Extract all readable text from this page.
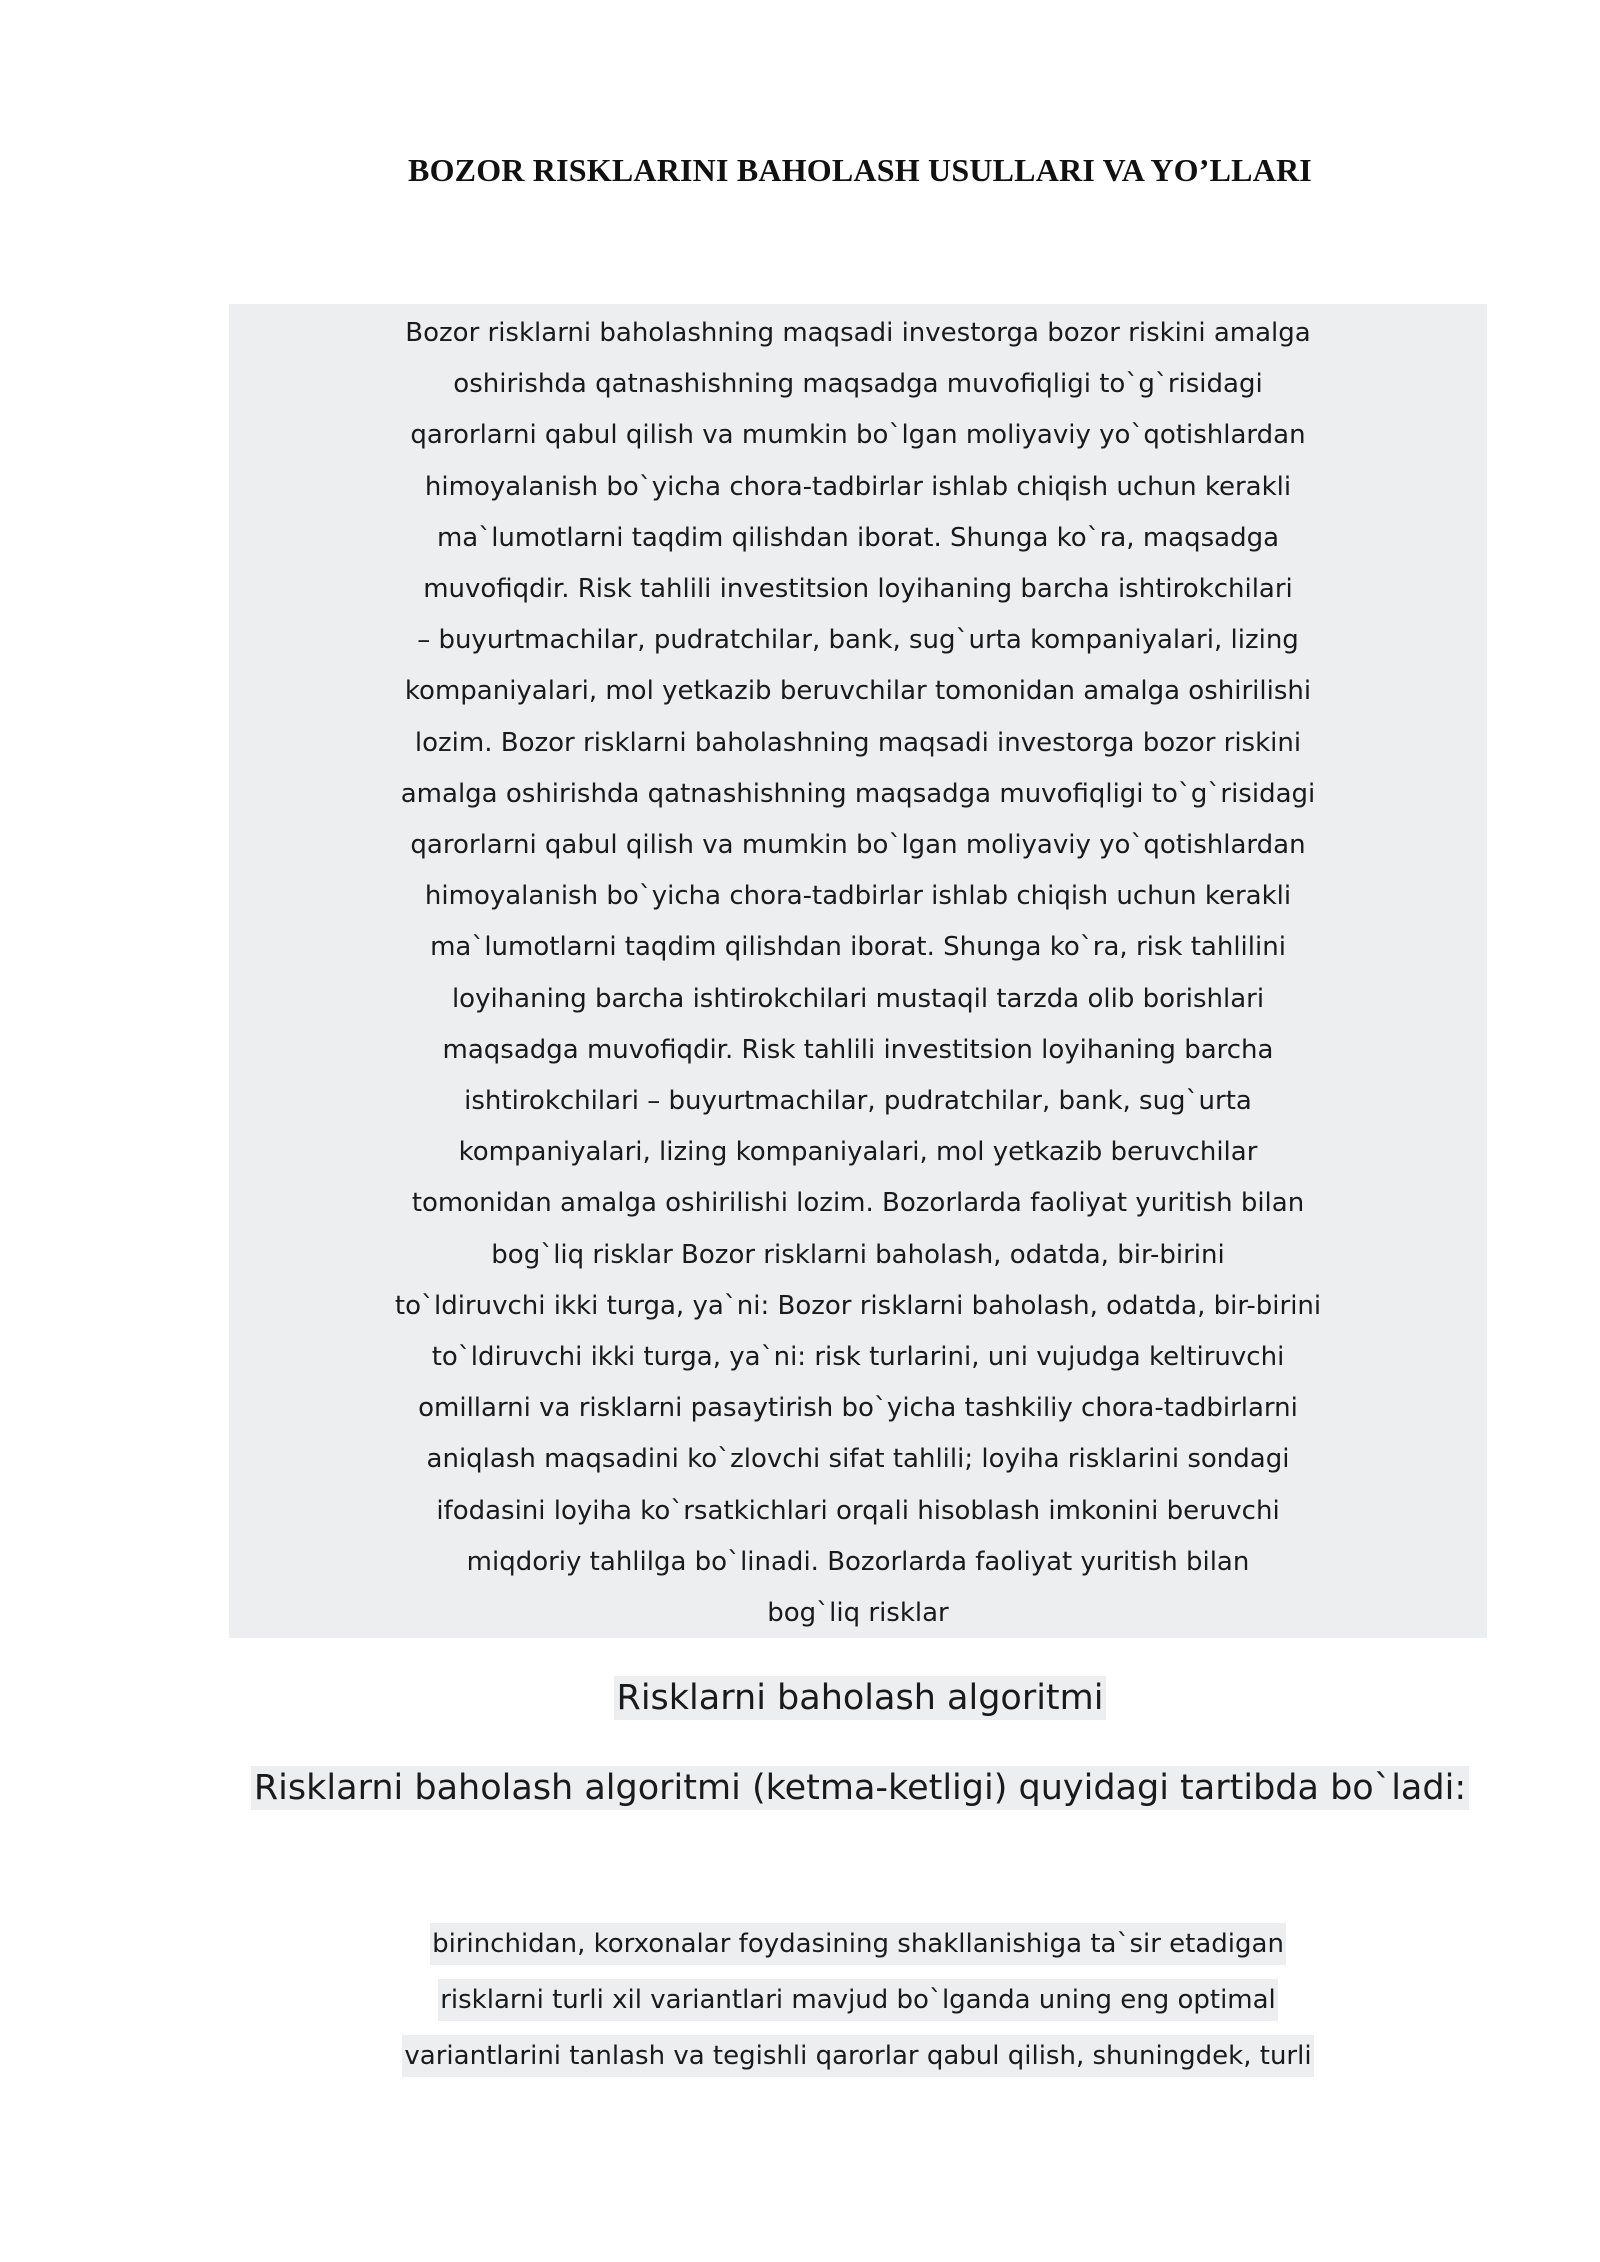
BOZOR RISKLARINI BAHOLASH USULLARI VA YO’LLARI

Bozor risklarni baholashning maqsadi investorga bozor riskini amalga
oshirishda qatnashishning maqsadga muvofiqligi to`g`risidagi
qarorlarni qabul qilish va mumkin bo`lgan moliyaviy yo`qotishlardan
himoyalanish bo`yicha chora-tadbirlar ishlab chiqish uchun kerakli
ma`lumotlarni taqdim qilishdan iborat. Shunga ko`ra, maqsadga
muvofiqdir. Risk tahlili investitsion loyihaning barcha ishtirokchilari
– buyurtmachilar, pudratchilar, bank, sug`urta kompaniyalari, lizing
kompaniyalari, mol yetkazib beruvchilar tomonidan amalga oshirilishi
lozim. Bozor risklarni baholashning maqsadi investorga bozor riskini
amalga oshirishda qatnashishning maqsadga muvofiqligi to`g`risidagi
qarorlarni qabul qilish va mumkin bo`lgan moliyaviy yo`qotishlardan
himoyalanish bo`yicha chora-tadbirlar ishlab chiqish uchun kerakli
ma`lumotlarni taqdim qilishdan iborat. Shunga ko`ra, risk tahlilini
loyihaning barcha ishtirokchilari mustaqil tarzda olib borishlari
maqsadga muvofiqdir. Risk tahlili investitsion loyihaning barcha
ishtirokchilari – buyurtmachilar, pudratchilar, bank, sug`urta
kompaniyalari, lizing kompaniyalari, mol yetkazib beruvchilar
tomonidan amalga oshirilishi lozim. Bozorlarda faoliyat yuritish bilan
bog`liq risklar Bozor risklarni baholash, odatda, bir-birini
to`ldiruvchi ikki turga, ya`ni: Bozor risklarni baholash, odatda, bir-birini
to`ldiruvchi ikki turga, ya`ni: risk turlarini, uni vujudga keltiruvchi
omillarni va risklarni pasaytirish bo`yicha tashkiliy chora-tadbirlarni
aniqlash maqsadini ko`zlovchi sifat tahlili; loyiha risklarini sondagi
ifodasini loyiha ko`rsatkichlari orqali hisoblash imkonini beruvchi
miqdoriy tahlilga bo`linadi. Bozorlarda faoliyat yuritish bilan
bog`liq risklar

Risklarni baholash algoritmi
Risklarni baholash algoritmi (ketma-ketligi) quyidagi tartibda bo`ladi:

birinchidan, korxonalar foydasining shakllanishiga ta`sir etadigan
risklarni turli xil variantlari mavjud bo`lganda uning eng optimal
variantlarini tanlash va tegishli qarorlar qabul qilish, shuningdek, turli
